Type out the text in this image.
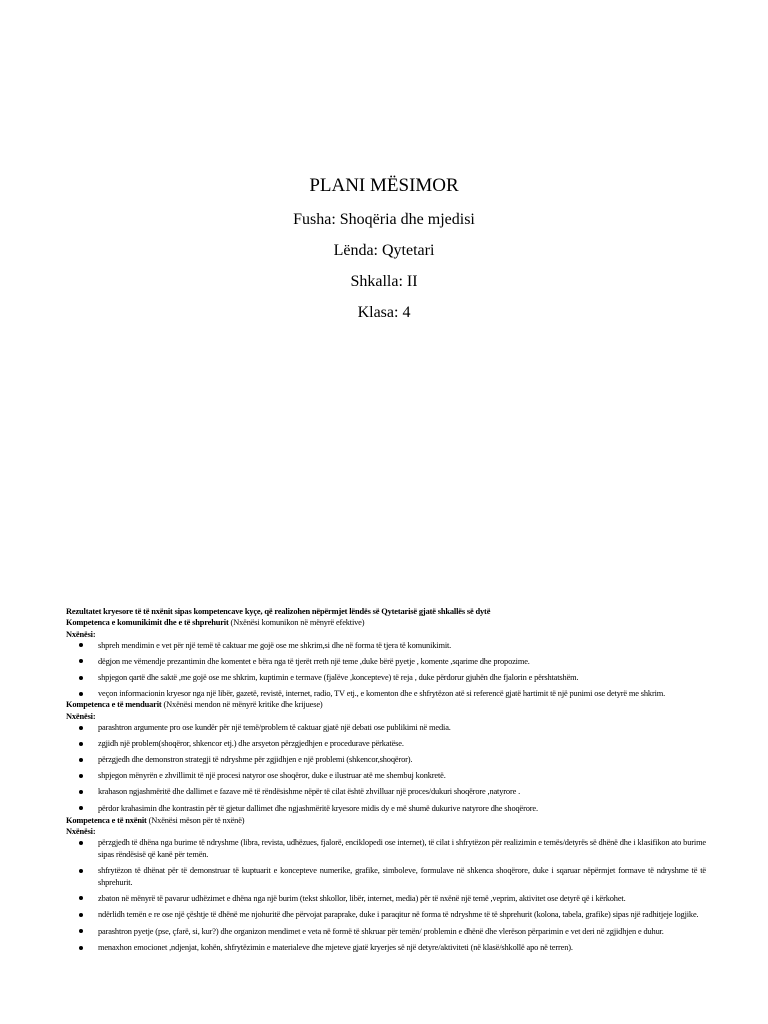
PLANI MËSIMOR
Fusha: Shoqëria dhe mjedisi
Lënda: Qytetari
Shkalla: II
Klasa: 4

Rezultatet kryesore të të nxënit sipas kompetencave kyçe, që realizohen nëpërmjet lëndës së Qytetarisë gjatë shkallës së dytë

Kompetenca e komunikimit dhe e të shprehurit (Nxënësi komunikon në mënyrë efektive)

Nxënësi:

shpreh mendimin e vet për një temë të caktuar me gojë ose me shkrim,si dhe në forma të tjera të komunikimit.
dëgjon me vëmendje prezantimin dhe komentet e bëra nga të tjerët rreth një teme ,duke bërë pyetje , komente ,sqarime dhe propozime.
shpjegon qartë dhe saktë ,me gojë ose me shkrim, kuptimin e termave (fjalëve ,koncepteve) të reja , duke përdorur gjuhën dhe fjalorin e përshtatshëm.
veçon informacionin kryesor nga një libër, gazetë, revistë, internet, radio, TV etj., e komenton dhe e shfrytëzon atë si referencë gjatë hartimit të një punimi ose detyrë me shkrim.

Kompetenca e të menduarit (Nxënësi mendon në mënyrë kritike dhe krijuese)

Nxënësi:

parashtron argumente pro ose kundër për një temë/problem të caktuar gjatë një debati ose publikimi në media.
zgjidh një problem(shoqëror, shkencor etj.) dhe arsyeton përzgjedhjen e procedurave përkatëse.
përzgjedh dhe demonstron strategji të ndryshme për zgjidhjen e një problemi (shkencor,shoqëror).
shpjegon mënyrën e zhvillimit të një procesi natyror ose shoqëror, duke e ilustruar atë me shembuj konkretë.
krahason ngjashmëritë dhe dallimet e fazave më të rëndësishme nëpër të cilat është zhvilluar një proces/dukuri shoqërore ,natyrore .
përdor krahasimin dhe kontrastin për të gjetur dallimet dhe ngjashmëritë kryesore midis dy e më shumë dukurive natyrore dhe shoqërore.

Kompetenca e të nxënit (Nxënësi mëson për të nxënë)

Nxënësi:

përzgjedh të dhëna nga burime të ndryshme (libra, revista, udhëzues, fjalorë, enciklopedi ose internet), të cilat i shfrytëzon për realizimin e temës/detyrës së dhënë dhe i klasifikon ato burime sipas rëndësisë që kanë për temën.
shfrytëzon të dhënat për të demonstruar të kuptuarit e koncepteve numerike, grafike, simboleve, formulave në shkenca shoqërore, duke i sqaruar nëpërmjet formave të ndryshme të të shprehurit.
zbaton në mënyrë të pavarur udhëzimet e dhëna nga një burim (tekst shkollor, libër, internet, media) për të nxënë një temë ,veprim, aktivitet ose detyrë që i kërkohet.
ndërlidh temën e re ose një çështje të dhënë me njohuritë dhe përvojat paraprake, duke i paraqitur në forma të ndryshme të të shprehurit (kolona, tabela, grafike) sipas një radhitjeje logjike.
parashtron pyetje (pse, çfarë, si, kur?) dhe organizon mendimet e veta në formë të shkruar për temën/ problemin e dhënë dhe vlerëson përparimin e vet deri në zgjidhjen e duhur.
menaxhon emocionet ,ndjenjat, kohën, shfrytëzimin e materialeve dhe mjeteve gjatë kryerjes së një detyre/aktiviteti (në klasë/shkollë apo në terren).
